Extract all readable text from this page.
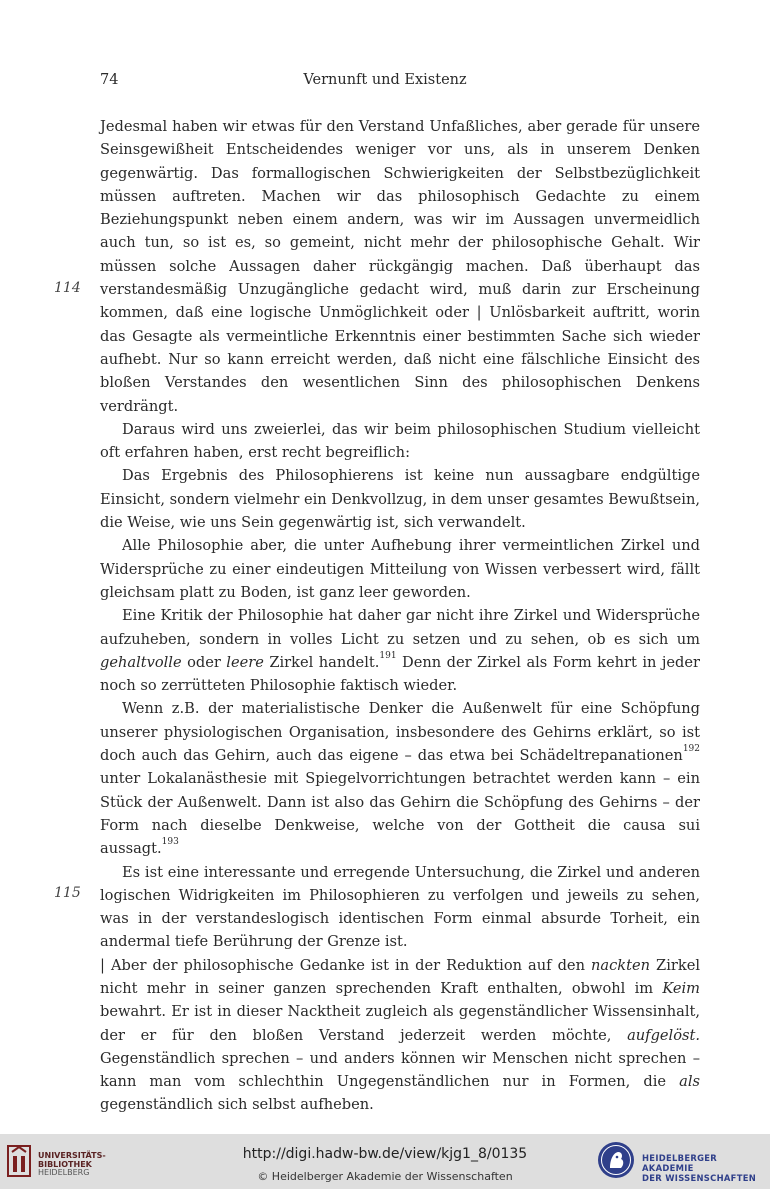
74	Vernunft und Existenz
114
115

Jedesmal haben wir etwas für den Verstand Unfaßliches, aber gerade für unsere Seinsgewißheit Entscheidendes weniger vor uns, als in unserem Denken gegenwärtig. Das formallogischen Schwierigkeiten der Selbstbezüglichkeit müssen auftreten. Machen wir das philosophisch Gedachte zu einem Beziehungspunkt neben einem andern, was wir im Aussagen unvermeidlich auch tun, so ist es, so gemeint, nicht mehr der philosophische Gehalt. Wir müssen solche Aussagen daher rückgängig machen. Daß überhaupt das verstandesmäßig Unzugängliche gedacht wird, muß darin zur Erscheinung kommen, daß eine logische Unmöglichkeit oder | Unlösbarkeit auftritt, worin das Gesagte als vermeintliche Erkenntnis einer bestimmten Sache sich wieder aufhebt. Nur so kann erreicht werden, daß nicht eine fälschliche Einsicht des bloßen Verstandes den wesentlichen Sinn des philosophischen Denkens verdrängt.

Daraus wird uns zweierlei, das wir beim philosophischen Studium vielleicht oft erfahren haben, erst recht begreiflich:

Das Ergebnis des Philosophierens ist keine nun aussagbare endgültige Einsicht, sondern vielmehr ein Denkvollzug, in dem unser gesamtes Bewußtsein, die Weise, wie uns Sein gegenwärtig ist, sich verwandelt.

Alle Philosophie aber, die unter Aufhebung ihrer vermeintlichen Zirkel und Widersprüche zu einer eindeutigen Mitteilung von Wissen verbessert wird, fällt gleichsam platt zu Boden, ist ganz leer geworden.

Eine Kritik der Philosophie hat daher gar nicht ihre Zirkel und Widersprüche aufzuheben, sondern in volles Licht zu setzen und zu sehen, ob es sich um gehaltvolle oder leere Zirkel handelt.$^{191}$ Denn der Zirkel als Form kehrt in jeder noch so zerrütteten Philosophie faktisch wieder.

Wenn z.B. der materialistische Denker die Außenwelt für eine Schöpfung unserer physiologischen Organisation, insbesondere des Gehirns erklärt, so ist doch auch das Gehirn, auch das eigene – das etwa bei Schädeltrepanationen$^{192}$ unter Lokalanästhesie mit Spiegelvorrichtungen betrachtet werden kann – ein Stück der Außenwelt. Dann ist also das Gehirn die Schöpfung des Gehirns – der Form nach dieselbe Denkweise, welche von der Gottheit die causa sui aussagt.$^{193}$

Es ist eine interessante und erregende Untersuchung, die Zirkel und anderen logischen Widrigkeiten im Philosophieren zu verfolgen und jeweils zu sehen, was in der verstandeslogisch identischen Form einmal absurde Torheit, ein andermal tiefe Berührung der Grenze ist.

| Aber der philosophische Gedanke ist in der Reduktion auf den nackten Zirkel nicht mehr in seiner ganzen sprechenden Kraft enthalten, obwohl im Keim bewahrt. Er ist in dieser Nacktheit zugleich als gegenständlicher Wissensinhalt, der er für den bloßen Verstand jederzeit werden möchte, aufgelöst. Gegenständlich sprechen – und anders können wir Menschen nicht sprechen – kann man vom schlechthin Ungegenständlichen nur in Formen, die als gegenständlich sich selbst aufheben.

UNIVERSITÄTS-
BIBLIOTHEK
HEIDELBERG
http://digi.hadw-bw.de/view/kjg1_8/0135
© Heidelberger Akademie der Wissenschaften
HEIDELBERGER AKADEMIE
DER WISSENSCHAFTEN
